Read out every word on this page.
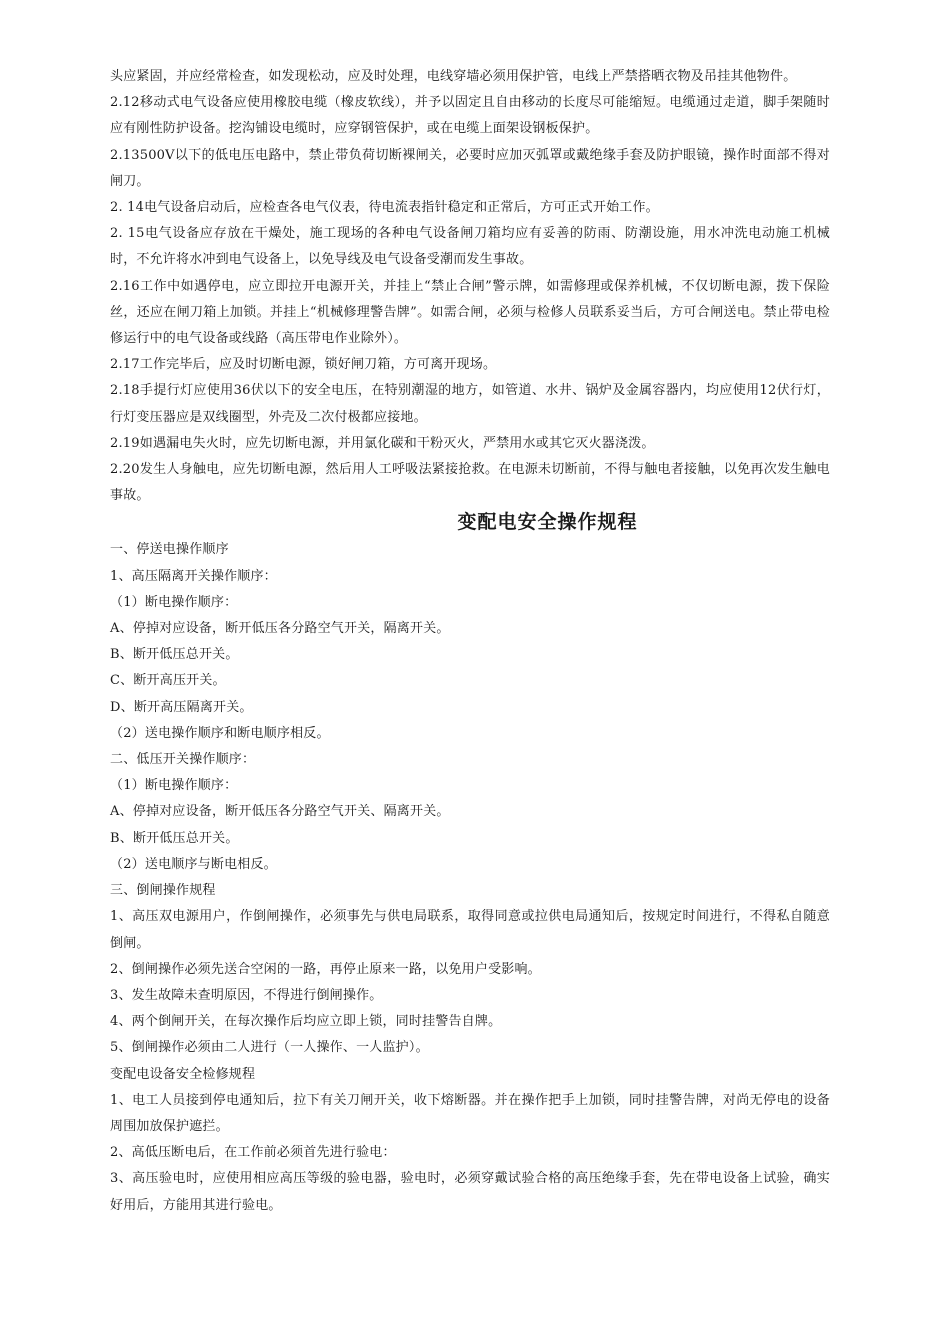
头应紧固，并应经常检查，如发现松动，应及时处理，电线穿墙必须用保护管，电线上严禁搭晒衣物及吊挂其他物件。

2.12移动式电气设备应使用橡胶电缆（橡皮软线），并予以固定且自由移动的长度尽可能缩短。电缆通过走道，脚手架随时应有刚性防护设备。挖沟铺设电缆时，应穿钢管保护，或在电缆上面架设钢板保护。

2.13500V以下的低电压电路中，禁止带负荷切断裸闸关，必要时应加灭弧罩或戴绝缘手套及防护眼镜，操作时面部不得对闸刀。

2. 14电气设备启动后，应检查各电气仪表，待电流表指针稳定和正常后，方可正式开始工作。

2. 15电气设备应存放在干燥处，施工现场的各种电气设备闸刀箱均应有妥善的防雨、防潮设施，用水冲洗电动施工机械时，不允许将水冲到电气设备上，以免导线及电气设备受潮而发生事故。

2.16工作中如遇停电，应立即拉开电源开关，并挂上“禁止合闸”警示牌，如需修理或保养机械，不仅切断电源，拨下保险丝，还应在闸刀箱上加锁。并挂上“机械修理警告牌”。如需合闸，必须与检修人员联系妥当后，方可合闸送电。禁止带电检修运行中的电气设备或线路（高压带电作业除外）。

2.17工作完毕后，应及时切断电源，锁好闸刀箱，方可离开现场。

2.18手提行灯应使用36伏以下的安全电压，在特别潮湿的地方，如管道、水井、锅炉及金属容器内，均应使用12伏行灯，行灯变压器应是双线圈型，外壳及二次付极都应接地。

2.19如遇漏电失火时，应先切断电源，并用氯化碳和干粉灭火，严禁用水或其它灭火器浇泼。

2.20发生人身触电，应先切断电源，然后用人工呼吸法紧接抢救。在电源未切断前，不得与触电者接触，以免再次发生触电事故。

变配电安全操作规程

一、停送电操作顺序

1、高压隔离开关操作顺序：

（1）断电操作顺序：

A、停掉对应设备，断开低压各分路空气开关，隔离开关。

B、断开低压总开关。

C、断开高压开关。

D、断开高压隔离开关。

（2）送电操作顺序和断电顺序相反。

二、低压开关操作顺序：

（1）断电操作顺序：

A、停掉对应设备，断开低压各分路空气开关、隔离开关。

B、断开低压总开关。

（2）送电顺序与断电相反。

三、倒闸操作规程

1、高压双电源用户，作倒闸操作，必须事先与供电局联系，取得同意或拉供电局通知后，按规定时间进行，不得私自随意倒闸。

2、倒闸操作必须先送合空闲的一路，再停止原来一路，以免用户受影响。

3、发生故障未查明原因，不得进行倒闸操作。

4、两个倒闸开关，在每次操作后均应立即上锁，同时挂警告自牌。

5、倒闸操作必须由二人进行（一人操作、一人监护）。

变配电设备安全检修规程

1、电工人员接到停电通知后，拉下有关刀闸开关，收下熔断器。并在操作把手上加锁，同时挂警告牌，对尚无停电的设备周围加放保护遮拦。

2、高低压断电后，在工作前必须首先进行验电：

3、高压验电时，应使用相应高压等级的验电器，验电时，必须穿戴试验合格的高压绝缘手套，先在带电设备上试验，确实好用后，方能用其进行验电。
